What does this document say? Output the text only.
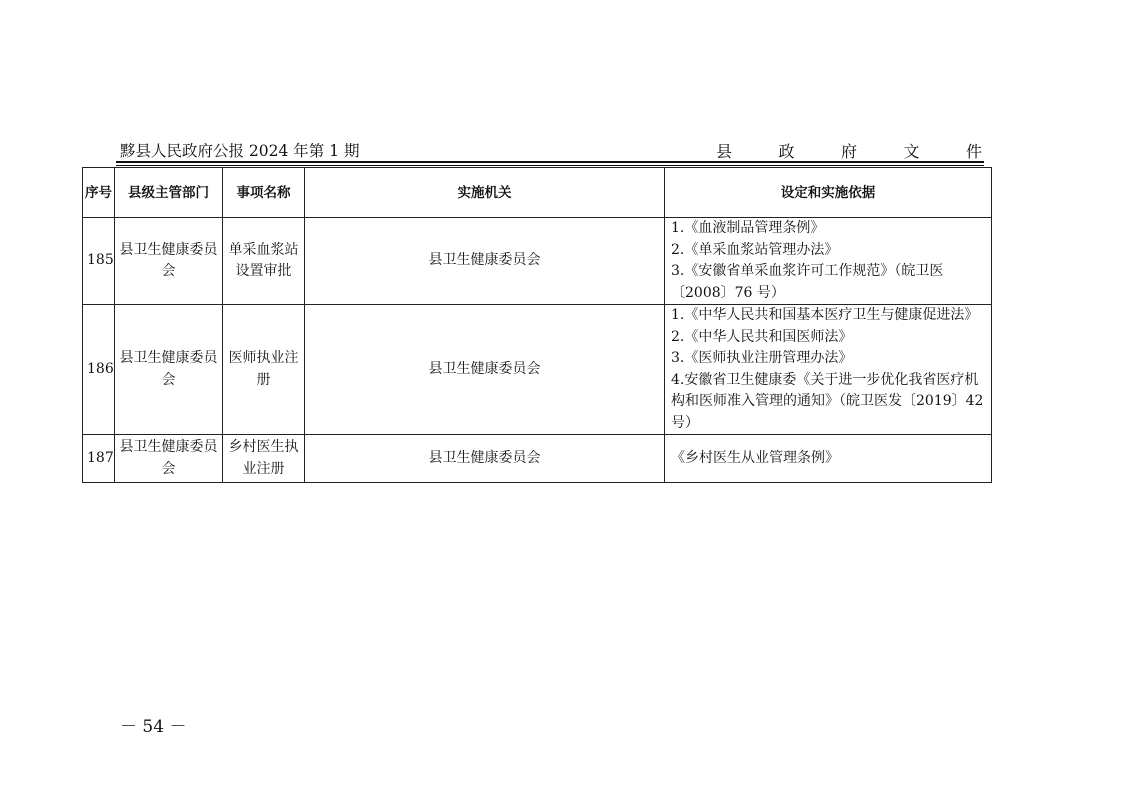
黟县人民政府公报 2024 年第 1 期	县	政	府	文	件
序号	县级主管部门	事项名称	实施机关	设定和实施依据
185	县卫生健康委员会	单采血浆站设置审批	县卫生健康委员会	1.《血液制品管理条例》
2.《单采血浆站管理办法》
3.《安徽省单采血浆许可工作规范》（皖卫医〔2008〕76 号）

186	县卫生健康委员会	医师执业注册	县卫生健康委员会	1.《中华人民共和国基本医疗卫生与健康促进法》
2.《中华人民共和国医师法》
3.《医师执业注册管理办法》
4.安徽省卫生健康委《关于进一步优化我省医疗机构和医师准入管理的通知》（皖卫医发〔2019〕42 号）

187	县卫生健康委员会	乡村医生执业注册	县卫生健康委员会	《乡村医生从业管理条例》
－ 54 －
